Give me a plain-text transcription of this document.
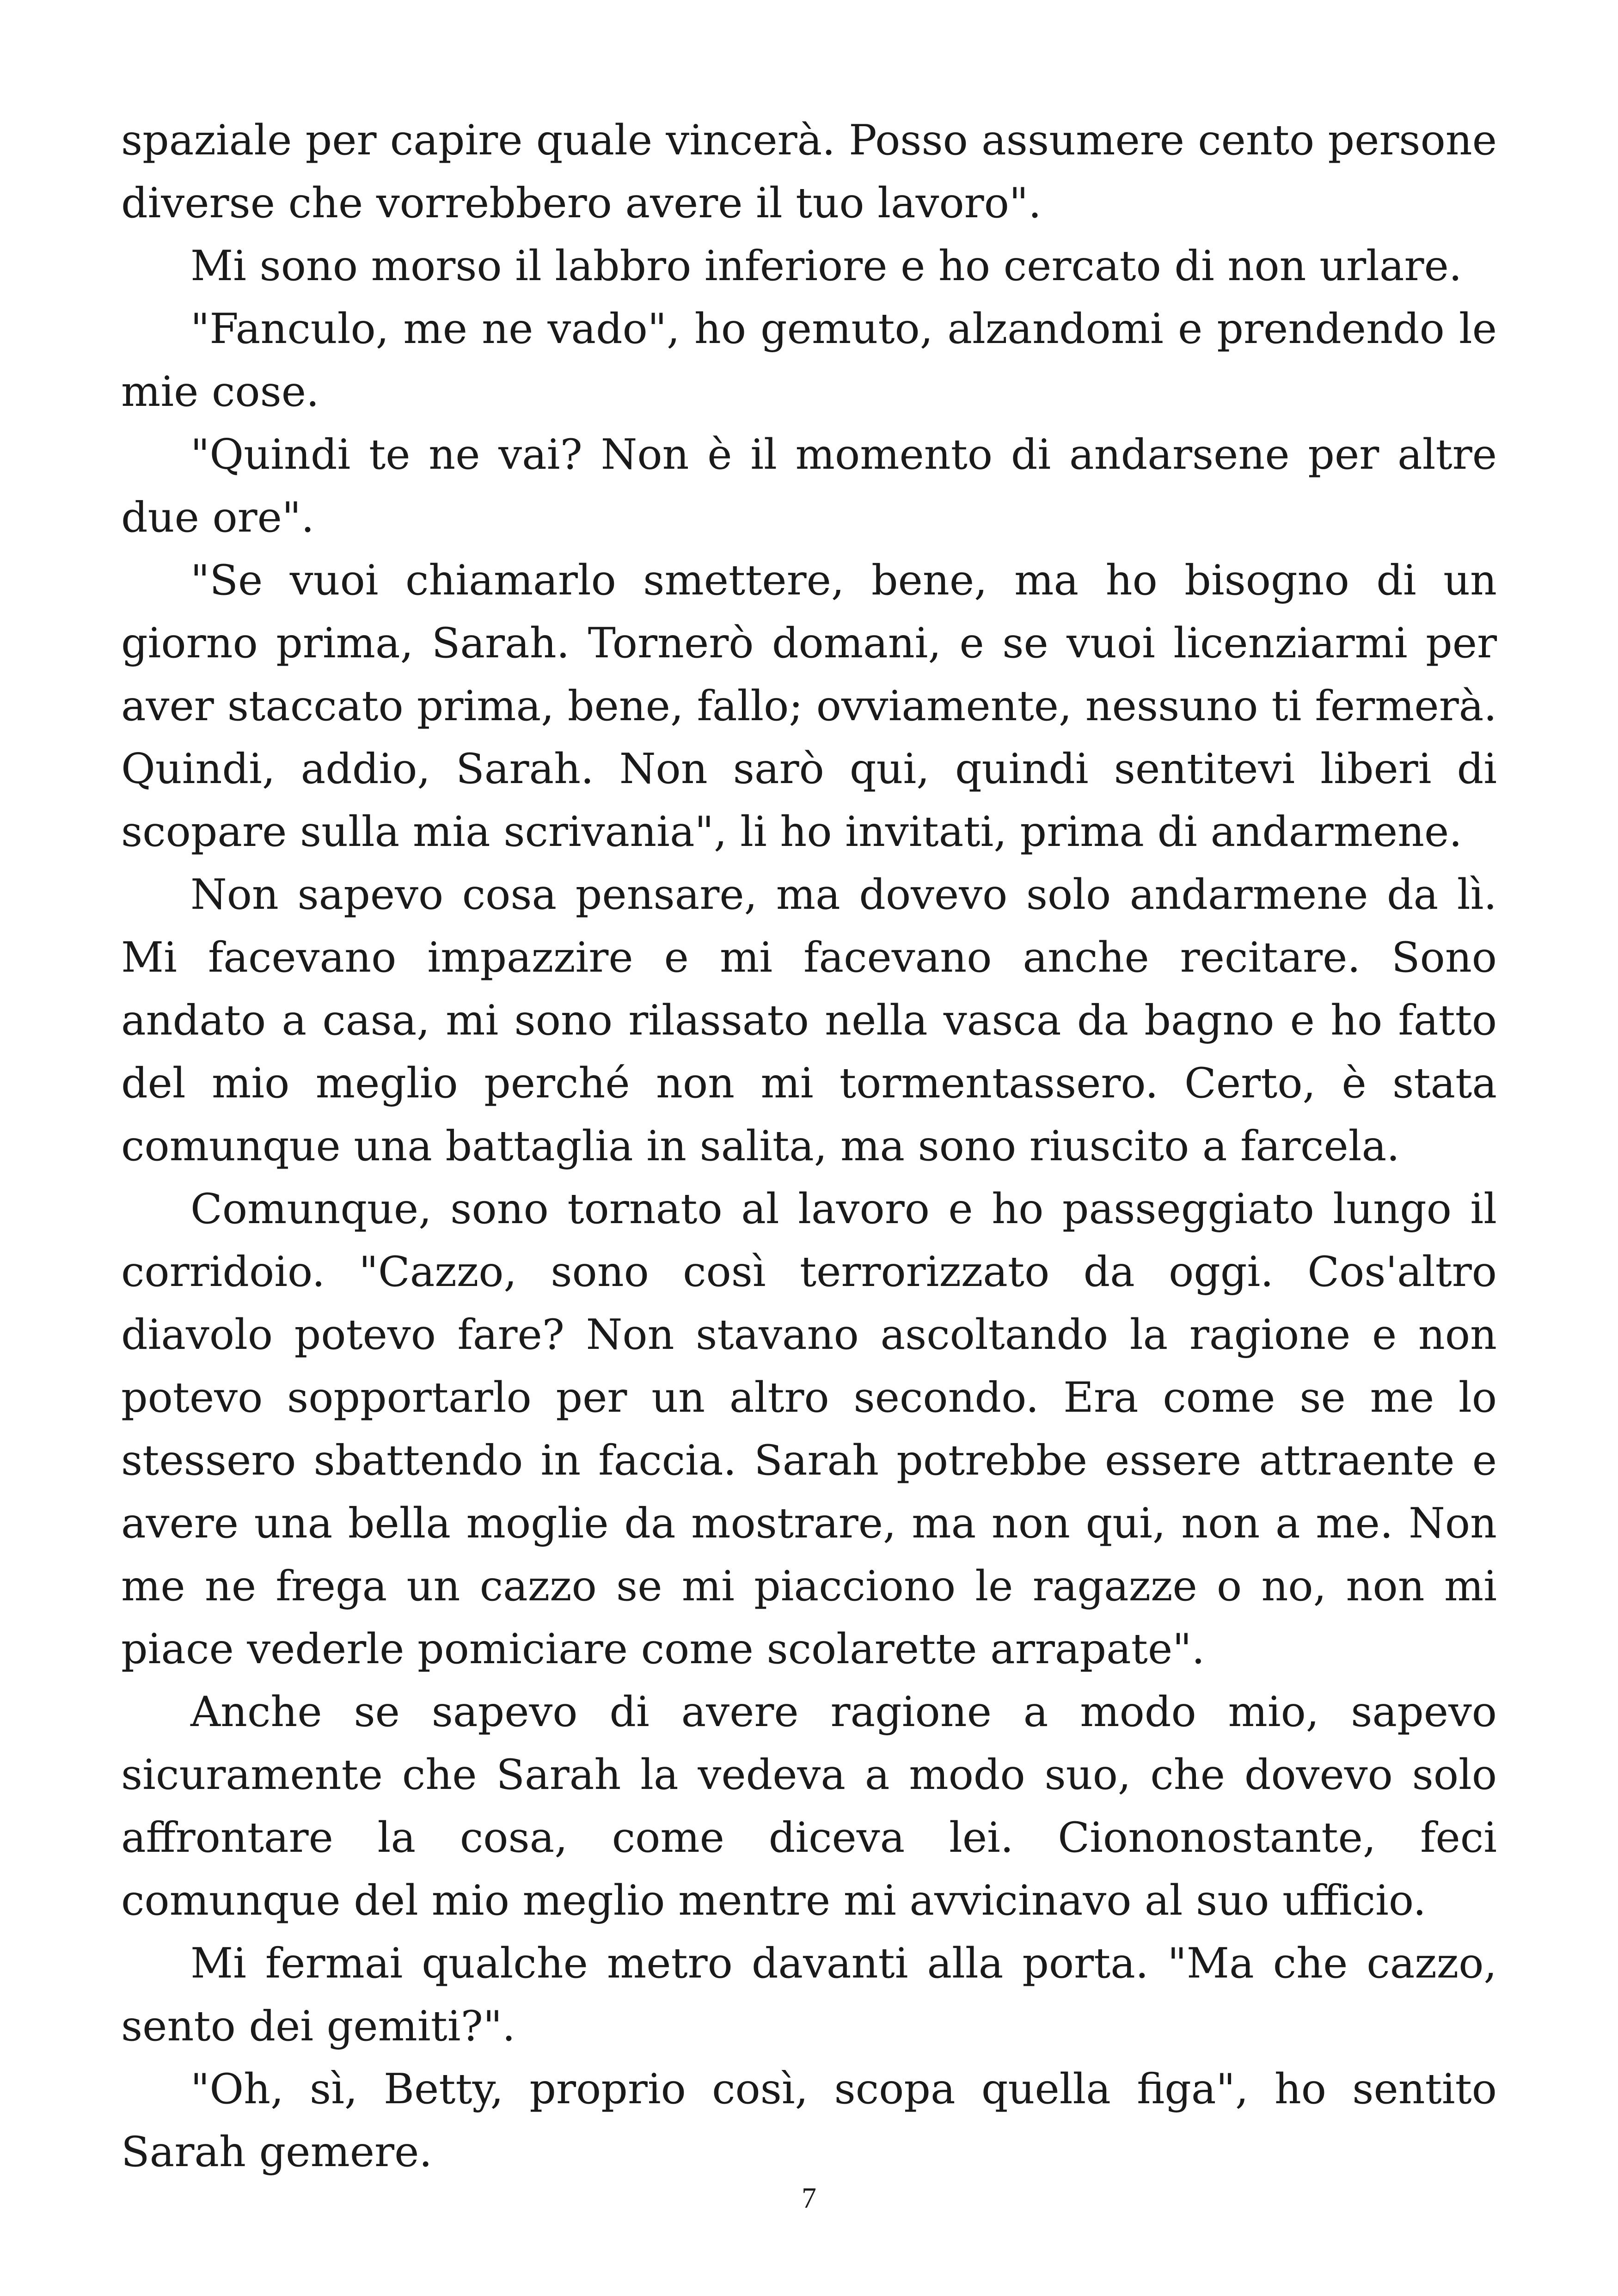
spaziale per capire quale vincerà. Posso assumere cento persone diverse che vorrebbero avere il tuo lavoro".

Mi sono morso il labbro inferiore e ho cercato di non urlare.

"Fanculo, me ne vado", ho gemuto, alzandomi e prendendo le mie cose.

"Quindi te ne vai? Non è il momento di andarsene per altre due ore".

"Se vuoi chiamarlo smettere, bene, ma ho bisogno di un giorno prima, Sarah. Tornerò domani, e se vuoi licenziarmi per aver staccato prima, bene, fallo; ovviamente, nessuno ti fermerà. Quindi, addio, Sarah. Non sarò qui, quindi sentitevi liberi di scopare sulla mia scrivania", li ho invitati, prima di andarmene.

Non sapevo cosa pensare, ma dovevo solo andarmene da lì. Mi facevano impazzire e mi facevano anche recitare. Sono andato a casa, mi sono rilassato nella vasca da bagno e ho fatto del mio meglio perché non mi tormentassero. Certo, è stata comunque una battaglia in salita, ma sono riuscito a farcela.

Comunque, sono tornato al lavoro e ho passeggiato lungo il corridoio. "Cazzo, sono così terrorizzato da oggi. Cos'altro diavolo potevo fare? Non stavano ascoltando la ragione e non potevo sopportarlo per un altro secondo. Era come se me lo stessero sbattendo in faccia. Sarah potrebbe essere attraente e avere una bella moglie da mostrare, ma non qui, non a me. Non me ne frega un cazzo se mi piacciono le ragazze o no, non mi piace vederle pomiciare come scolarette arrapate".

Anche se sapevo di avere ragione a modo mio, sapevo sicuramente che Sarah la vedeva a modo suo, che dovevo solo affrontare la cosa, come diceva lei. Ciononostante, feci comunque del mio meglio mentre mi avvicinavo al suo ufficio.

Mi fermai qualche metro davanti alla porta. "Ma che cazzo, sento dei gemiti?".

"Oh, sì, Betty, proprio così, scopa quella figa", ho sentito Sarah gemere.

7
